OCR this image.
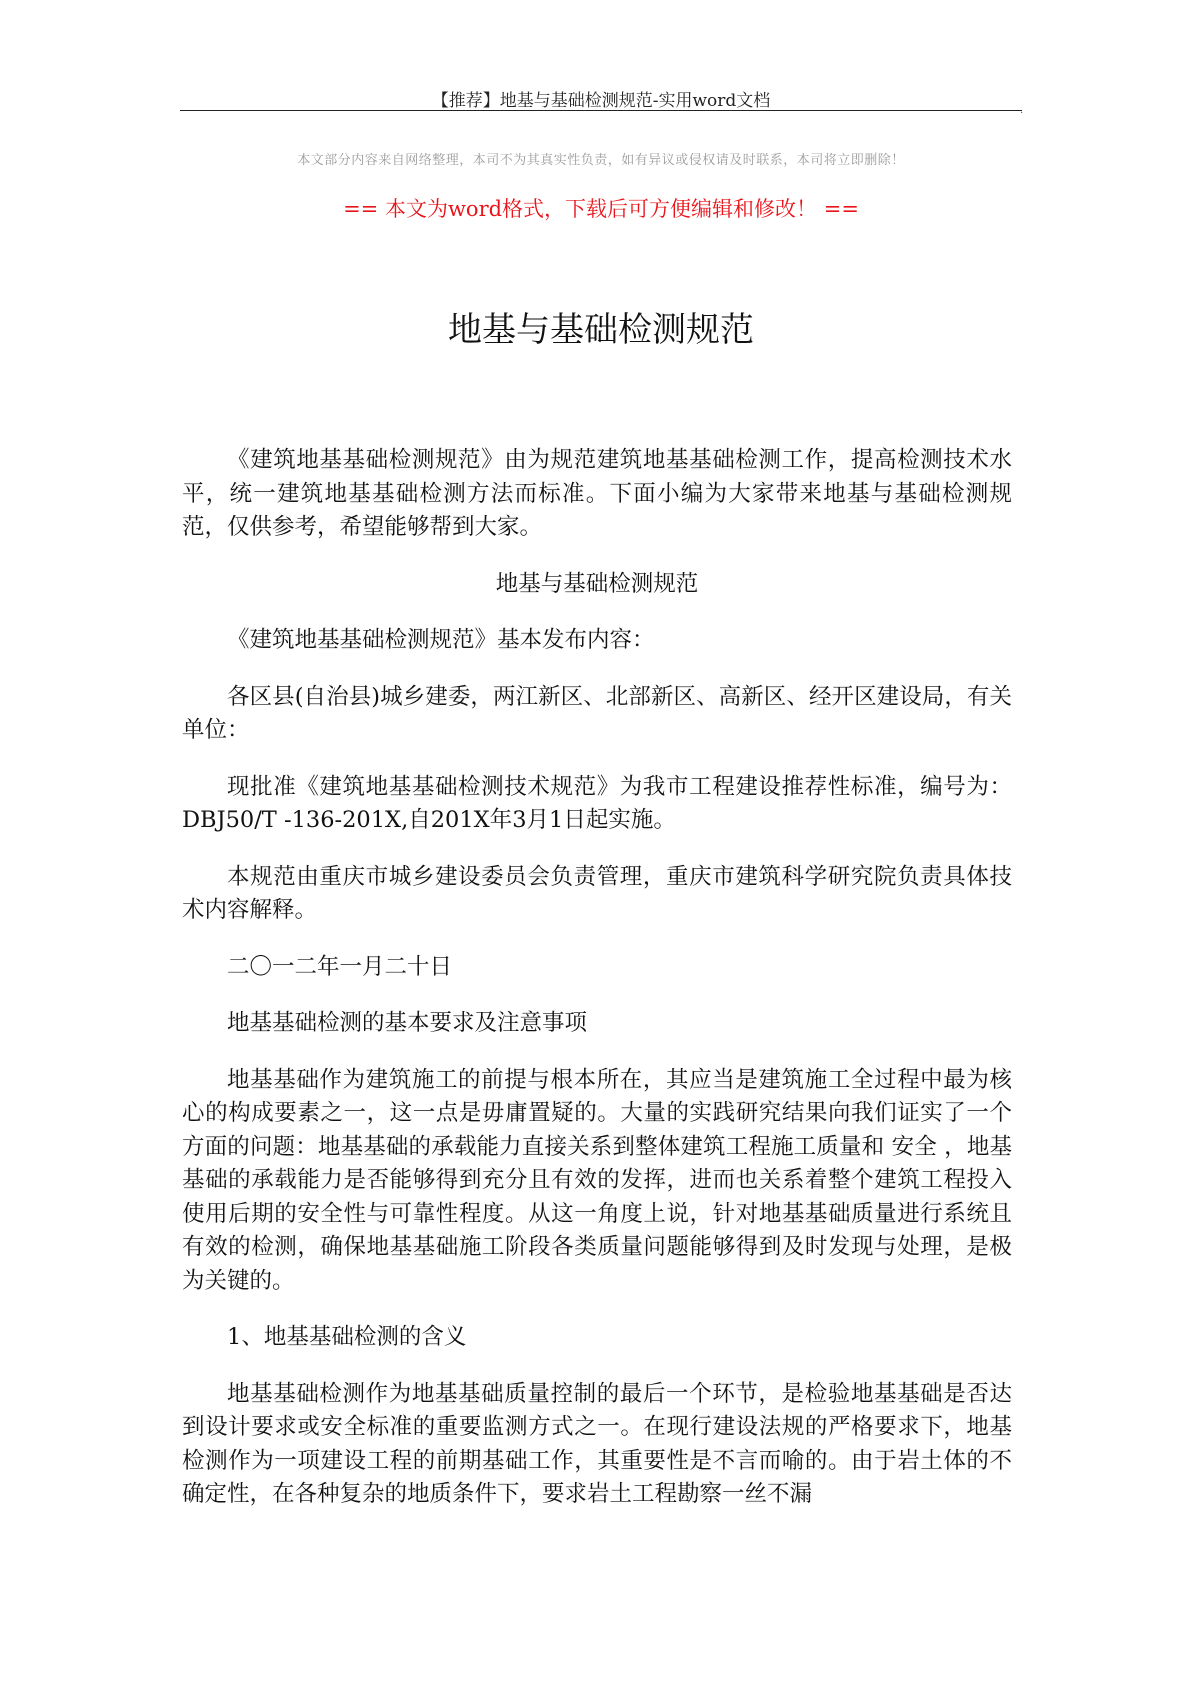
【推荐】地基与基础检测规范-实用word文档	.
本文部分内容来自网络整理，本司不为其真实性负责，如有异议或侵权请及时联系，本司将立即删除！
== 本文为word格式，下载后可方便编辑和修改！ ==
地基与基础检测规范

《建筑地基基础检测规范》由为规范建筑地基基础检测工作，提高检测技术水平，统一建筑地基基础检测方法而标准。下面小编为大家带来地基与基础检测规范，仅供参考，希望能够帮到大家。

地基与基础检测规范

《建筑地基基础检测规范》基本发布内容：

各区县(自治县)城乡建委，两江新区、北部新区、高新区、经开区建设局，有关单位：

现批准《建筑地基基础检测技术规范》为我市工程建设推荐性标准，编号为：DBJ50/T -136-201X,自201X年3月1日起实施。

本规范由重庆市城乡建设委员会负责管理，重庆市建筑科学研究院负责具体技术内容解释。

二〇一二年一月二十日

地基基础检测的基本要求及注意事项

地基基础作为建筑施工的前提与根本所在，其应当是建筑施工全过程中最为核心的构成要素之一，这一点是毋庸置疑的。大量的实践研究结果向我们证实了一个方面的问题：地基基础的承载能力直接关系到整体建筑工程施工质量和 安全 ，地基基础的承载能力是否能够得到充分且有效的发挥，进而也关系着整个建筑工程投入使用后期的安全性与可靠性程度。从这一角度上说，针对地基基础质量进行系统且有效的检测，确保地基基础施工阶段各类质量问题能够得到及时发现与处理，是极为关键的。

1、地基基础检测的含义

地基基础检测作为地基基础质量控制的最后一个环节，是检验地基基础是否达到设计要求或安全标准的重要监测方式之一。在现行建设法规的严格要求下，地基检测作为一项建设工程的前期基础工作，其重要性是不言而喻的。由于岩土体的不确定性，在各种复杂的地质条件下，要求岩土工程勘察一丝不漏
